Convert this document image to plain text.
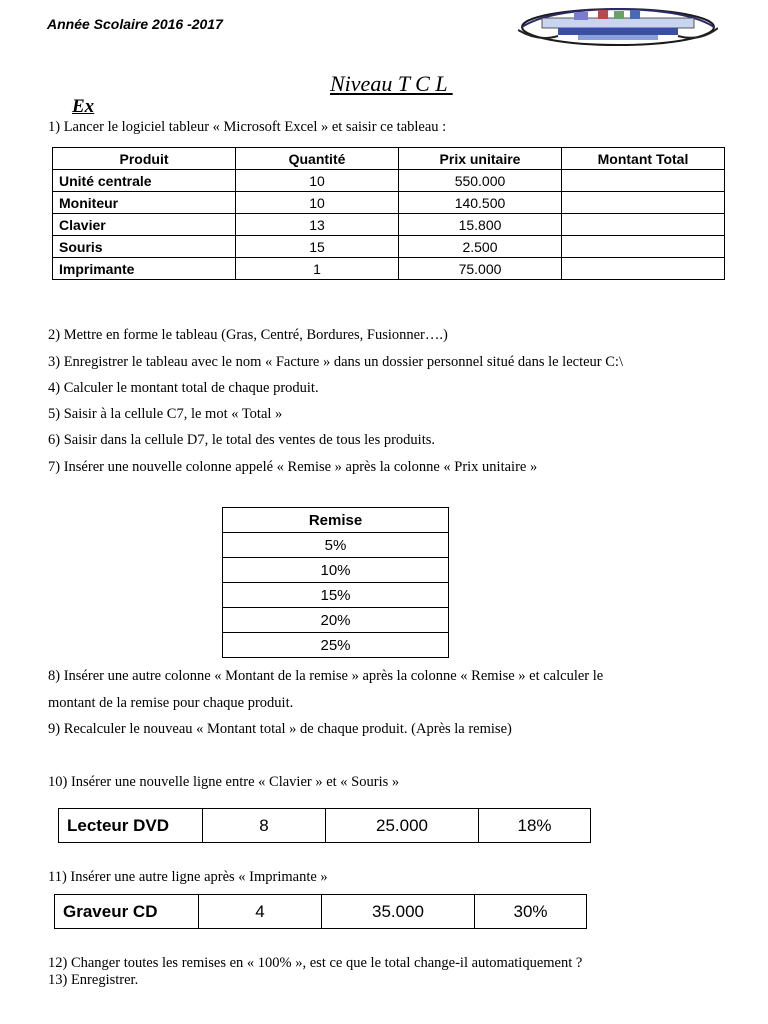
Année Scolaire 2016 -2017
Niveau T C L
Ex
1) Lancer le logiciel tableur « Microsoft Excel » et saisir ce tableau :
Produit	Quantité	Prix unitaire	Montant Total
Unité centrale	10	550.000	
Moniteur	10	140.500	
Clavier	13	15.800	
Souris	15	2.500	
Imprimante	1	75.000	
2) Mettre en forme le tableau (Gras, Centré, Bordures, Fusionner….)
3) Enregistrer le tableau avec le nom « Facture » dans un dossier personnel situé dans le lecteur C:\
4) Calculer le montant total de chaque produit.
5) Saisir à la cellule C7, le mot « Total »
6) Saisir dans la cellule D7, le total des ventes de tous les produits.
7) Insérer une nouvelle colonne appelé « Remise » après la colonne « Prix unitaire »
Remise
5%
10%
15%
20%
25%
8) Insérer une autre colonne « Montant de la remise » après la colonne « Remise » et calculer le
montant de la remise pour chaque produit.
9) Recalculer le nouveau « Montant total » de chaque produit. (Après la remise)
10) Insérer une nouvelle ligne entre « Clavier » et « Souris »
Lecteur DVD	8	25.000	18%
11) Insérer une autre ligne après « Imprimante »
Graveur CD	4	35.000	30%
12) Changer toutes les remises en « 100% », est ce que le total change-il automatiquement ?
13) Enregistrer.
